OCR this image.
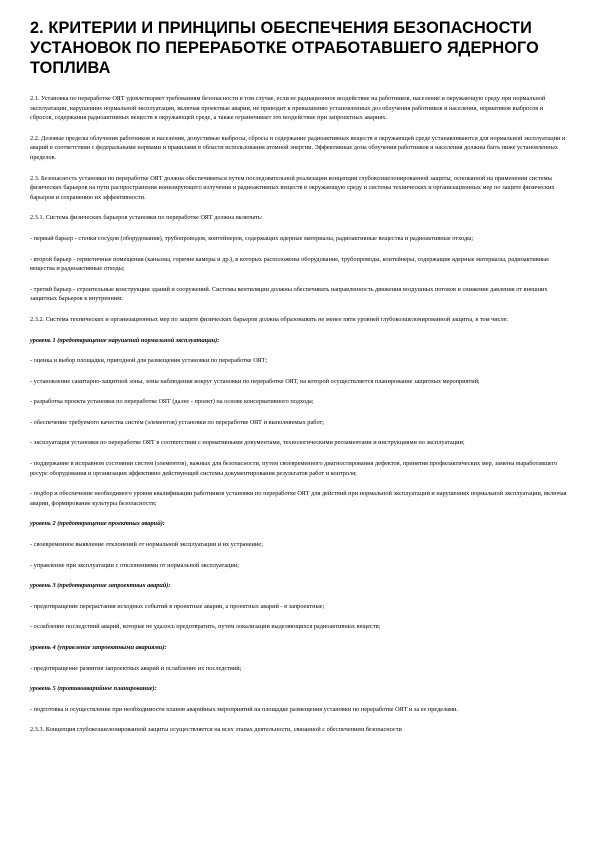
2. КРИТЕРИИ И ПРИНЦИПЫ ОБЕСПЕЧЕНИЯ БЕЗОПАСНОСТИ УСТАНОВОК ПО ПЕРЕРАБОТКЕ ОТРАБОТАВШЕГО ЯДЕРНОГО ТОПЛИВА

2.1. Установка по переработке ОЯТ удовлетворяет требованиям безопасности в том случае, если ее радиационное воздействие на работников, население и окружающую среду при нормальной эксплуатации, нарушениях нормальной эксплуатации, включая проектные аварии, не приводит к превышению установленных доз облучения работников и населения, нормативов выбросов и сбросов, содержания радиоактивных веществ в окружающей среде, а также ограничивает это воздействие при запроектных авариях.

2.2. Дозовые пределы облучения работников и населения, допустимые выбросы, сбросы и содержание радиоактивных веществ в окружающей среде устанавливаются для нормальной эксплуатации и аварий в соответствии с федеральными нормами и правилами в области использования атомной энергии. Эффективные дозы облучения работников и населения должны быть ниже установленных пределов.

2.3. Безопасность установки по переработке ОЯТ должна обеспечиваться путем последовательной реализации концепции глубокоэшелонированной защиты, основанной на применении системы физических барьеров на пути распространения ионизирующего излучения и радиоактивных веществ в окружающую среду и системы технических и организационных мер по защите физических барьеров и сохранению их эффективности.

2.3.1. Система физических барьеров установки по переработке ОЯТ должна включать:

- первый барьер - стенки сосудов (оборудования), трубопроводов, контейнеров, содержащих ядерные материалы, радиоактивные вещества и радиоактивные отходы;

- второй барьер - герметичные помещения (каньоны, горячие камеры и др.), в которых расположены оборудование, трубопроводы, контейнеры, содержащие ядерные материалы, радиоактивные вещества и радиоактивные отходы;

- третий барьер - строительные конструкции зданий и сооружений. Системы вентиляции должны обеспечивать направленность движения воздушных потоков и снижение давления от внешних защитных барьеров к внутренним.

2.3.2. Система технических и организационных мер по защите физических барьеров должна образовывать не менее пяти уровней глубокоэшелонированной защиты, в том числе:

уровень 1 (предотвращение нарушений нормальной эксплуатации):

- оценка и выбор площадки, пригодной для размещения установки по переработке ОЯТ;

- установление санитарно-защитной зоны, зоны наблюдения вокруг установки по переработке ОЯТ, на которой осуществляется планирование защитных мероприятий;

- разработка проекта установки по переработке ОЯТ (далее - проект) на основе консервативного подхода;

- обеспечение требуемого качества систем (элементов) установки по переработке ОЯТ и выполняемых работ;

- эксплуатация установки по переработке ОЯТ в соответствии с нормативными документами, технологическими регламентами и инструкциями по эксплуатации;

- поддержание в исправном состоянии систем (элементов), важных для безопасности, путем своевременного диагностирования дефектов, принятия профилактических мер, замены выработавшего ресурс оборудования и организации эффективно действующей системы документирования результатов работ и контроля;

- подбор и обеспечение необходимого уровня квалификации работников установки по переработке ОЯТ для действий при нормальной эксплуатации и нарушениях нормальной эксплуатации, включая аварии, формирование культуры безопасности;

уровень 2 (предотвращение проектных аварий):

- своевременное выявление отклонений от нормальной эксплуатации и их устранение;

- управление при эксплуатации с отклонениями от нормальной эксплуатации;

уровень 3 (предотвращение запроектных аварий):

- предотвращение перерастания исходных событий в проектные аварии, а проектных аварий - в запроектные;

- ослабление последствий аварий, которые не удалось предотвратить, путем локализации выделяющихся радиоактивных веществ;

уровень 4 (управление запроектными авариями):

- предотвращение развития запроектных аварий и ослабление их последствий;

уровень 5 (противоаварийное планирование):

- подготовка и осуществление при необходимости планов аварийных мероприятий на площадке размещения установки по переработке ОЯТ и за ее пределами.

2.3.3. Концепция глубокоэшелонированной защиты осуществляется на всех этапах деятельности, связанной с обеспечением безопасности
